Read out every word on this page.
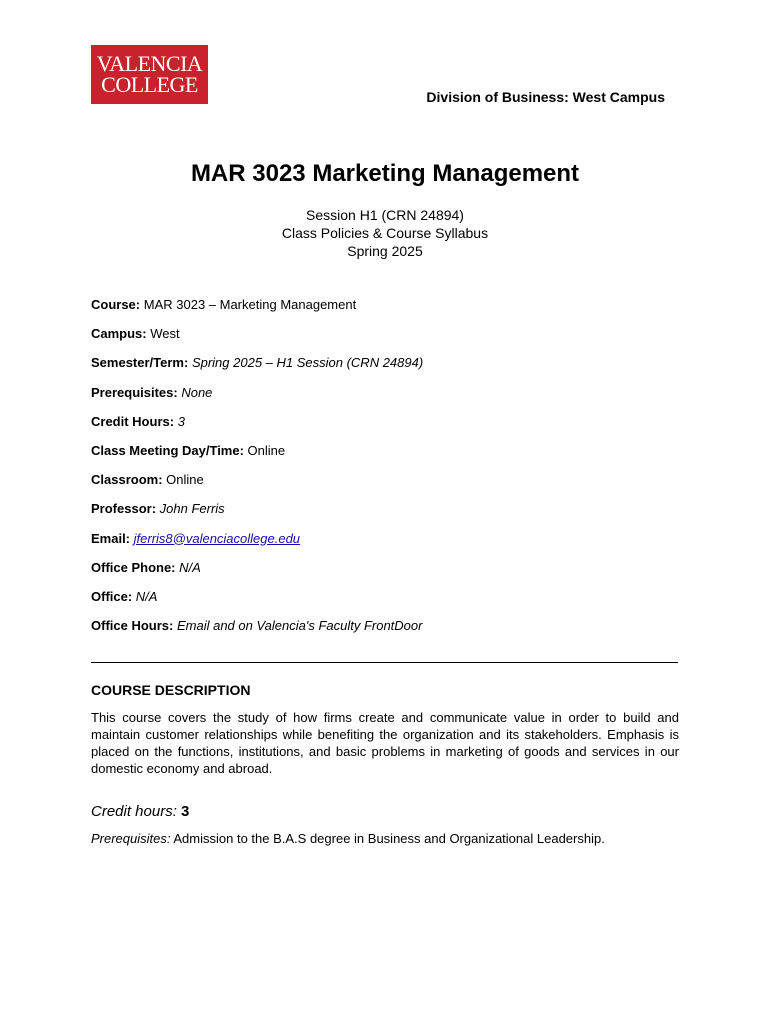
VALENCIA
COLLEGE	Division of Business: West Campus
MAR 3023 Marketing Management
Session H1 (CRN 24894)
Class Policies & Course Syllabus
Spring 2025
Course: MAR 3023 – Marketing Management
Campus: West
Semester/Term: Spring 2025 – H1 Session (CRN 24894)
Prerequisites: None
Credit Hours: 3
Class Meeting Day/Time: Online
Classroom: Online
Professor: John Ferris
Email: jferris8@valenciacollege.edu
Office Phone: N/A
Office: N/A
Office Hours: Email and on Valencia's Faculty FrontDoor
COURSE DESCRIPTION
This course covers the study of how firms create and communicate value in order to build and maintain customer relationships while benefiting the organization and its stakeholders. Emphasis is placed on the functions, institutions, and basic problems in marketing of goods and services in our domestic economy and abroad.
Credit hours: 3
Prerequisites: Admission to the B.A.S degree in Business and Organizational Leadership.
